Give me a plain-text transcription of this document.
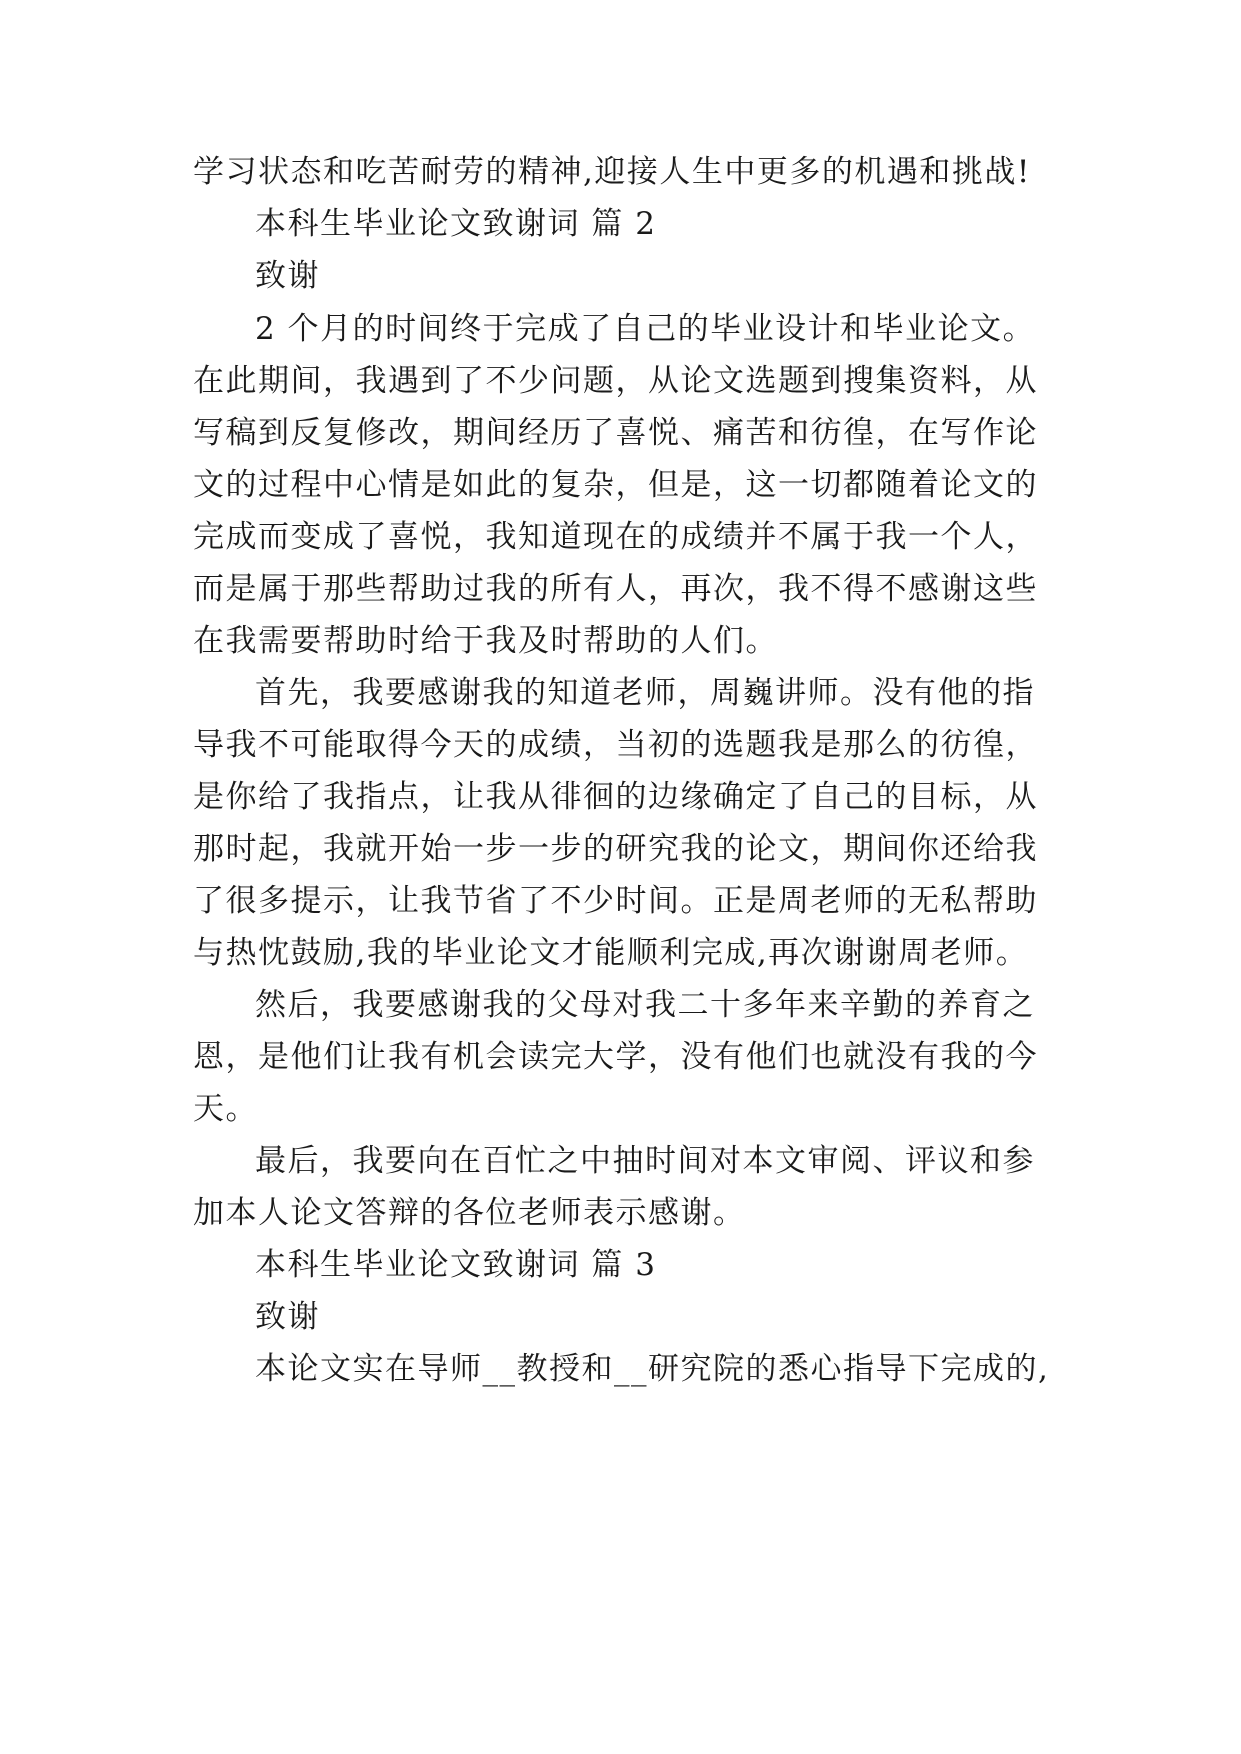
学习状态和吃苦耐劳的精神,迎接人生中更多的机遇和挑战!
本科生毕业论文致谢词 篇 2
致谢
2 个月的时间终于完成了自己的毕业设计和毕业论文。
在此期间，我遇到了不少问题，从论文选题到搜集资料，从
写稿到反复修改，期间经历了喜悦、痛苦和彷徨，在写作论
文的过程中心情是如此的复杂，但是，这一切都随着论文的
完成而变成了喜悦，我知道现在的成绩并不属于我一个人，
而是属于那些帮助过我的所有人，再次，我不得不感谢这些
在我需要帮助时给于我及时帮助的人们。
首先，我要感谢我的知道老师，周巍讲师。没有他的指
导我不可能取得今天的成绩，当初的选题我是那么的彷徨，
是你给了我指点，让我从徘徊的边缘确定了自己的目标，从
那时起，我就开始一步一步的研究我的论文，期间你还给我
了很多提示，让我节省了不少时间。正是周老师的无私帮助
与热忱鼓励,我的毕业论文才能顺利完成,再次谢谢周老师。
然后，我要感谢我的父母对我二十多年来辛勤的养育之
恩，是他们让我有机会读完大学，没有他们也就没有我的今
天。
最后，我要向在百忙之中抽时间对本文审阅、评议和参
加本人论文答辩的各位老师表示感谢。
本科生毕业论文致谢词 篇 3
致谢
本论文实在导师__教授和__研究院的悉心指导下完成的,
